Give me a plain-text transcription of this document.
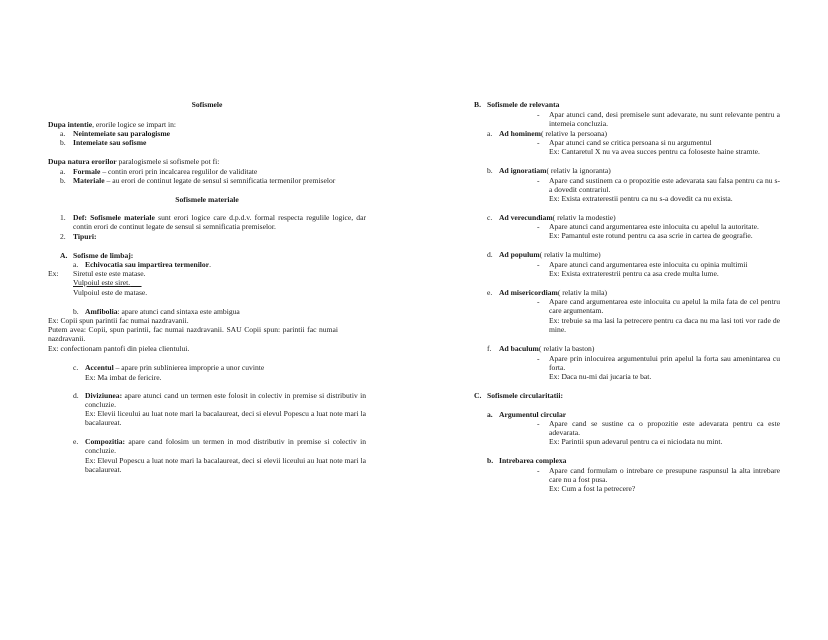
Sofismele
Dupa intentie, erorile logice se impart in:
a. Neintemeiate sau paralogisme
b. Intemeiate sau sofisme
Dupa natura erorilor paralogismele si sofismele pot fi:
a. Formale – contin erori prin incalcarea regulilor de validitate
b. Materiale – au erori de continut legate de sensul si semnificatia termenilor premiselor
Sofismele materiale
1. Def: Sofismele materiale sunt erori logice care d.p.d.v. formal respecta regulile logice, dar contin erori de continut legate de sensul si semnificatia premiselor.
2. Tipuri:
A. Sofisme de limbaj:
a. Echivocatia sau impartirea termenilor.
Ex: Siretul este este matase.
Vulpoiul este siret.
Vulpoiul este de matase.
b. Amfibolia: apare atunci cand sintaxa este ambigua
Ex: Copii spun parintii fac numai nazdravanii.
Putem avea: Copii, spun parintii, fac numai nazdravanii. SAU Copii spun: parintii fac numai nazdravanii.
Ex: confectionam pantofi din pielea clientului.
c. Accentul – apare prin sublinierea improprie a unor cuvinte
Ex: Ma imbat de fericire.
d. Diviziunea: apare atunci cand un termen este folosit in colectiv in premise si distributiv in concluzie.
Ex: Elevii liceului au luat note mari la bacalaureat, deci si elevul Popescu a luat note mari la bacalaureat.
e. Compozitia: apare cand folosim un termen in mod distributiv in premise si colectiv in concluzie.
Ex: Elevul Popescu a luat note mari la bacalaureat, deci si elevii liceului au luat note mari la bacalaureat.
B. Sofismele de relevanta
- Apar atunci cand, desi premisele sunt adevarate, nu sunt relevante pentru a intemeia concluzia.
a. Ad hominem( relative la persoana)
- Apar atunci cand se critica persoana si nu argumentul
Ex: Cantaretul X nu va avea succes pentru ca foloseste haine stramte.
b. Ad ignoratiam( relativ la ignoranta)
- Apare cand sustinem ca o propozitie este adevarata sau falsa pentru ca nu s-a dovedit contrariul.
Ex: Exista extraterestii pentru ca nu s-a dovedit ca nu exista.
c. Ad verecundiam( relativ la modestie)
- Apare atunci cand argumentarea este inlocuita cu apelul la autoritate.
Ex: Pamantul este rotund pentru ca asa scrie in cartea de geografie.
d. Ad populum( relativ la multime)
- Apare atunci cand argumentarea este inlocuita cu opinia multimii
Ex: Exista extraterestrii pentru ca asa crede multa lume.
e. Ad misericordiam( relativ la mila)
- Apare cand argumentarea este inlocuita cu apelul la mila fata de cel pentru care argumentam.
Ex: trebuie sa ma lasi la petrecere pentru ca daca nu ma lasi toti vor rade de mine.
f. Ad baculum( relativ la baston)
- Apare prin inlocuirea argumentului prin apelul la forta sau amenintarea cu forta.
Ex: Daca nu-mi dai jucaria te bat.
C. Sofismele circularitatii:
a. Argumentul circular
- Apare cand se sustine ca o propozitie este adevarata pentru ca este adevarata.
Ex: Parintii spun adevarul pentru ca ei niciodata nu mint.
b. Intrebarea complexa
- Apare cand formulam o intrebare ce presupune raspunsul la alta intrebare care nu a fost pusa.
Ex: Cum a fost la petrecere?
